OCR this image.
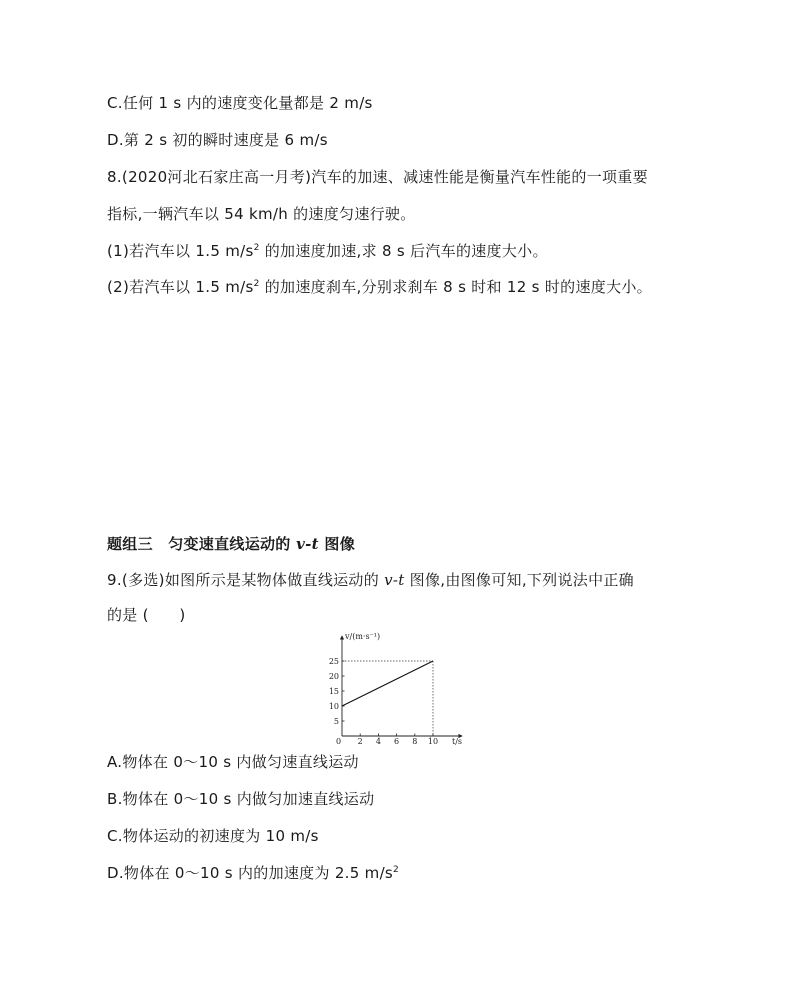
C.任何 1 s 内的速度变化量都是 2 m/s
D.第 2 s 初的瞬时速度是 6 m/s
8.(2020河北石家庄高一月考)汽车的加速、减速性能是衡量汽车性能的一项重要
指标,一辆汽车以 54 km/h 的速度匀速行驶。
(1)若汽车以 1.5 $m/s^2$ 的加速度加速,求 8 s 后汽车的速度大小。
(2)若汽车以 1.5 $m/s^2$ 的加速度刹车,分别求刹车 8 s 时和 12 s 时的速度大小。
题组三　匀变速直线运动的 v-t 图像
9.(多选)如图所示是某物体做直线运动的 v-t 图像,由图像可知,下列说法中正确
的是 (　　)
2 4 6 8 10
5
10
15
20
25
v/(m·s⁻¹)
t/s
0
A.物体在 0～10 s 内做匀速直线运动
B.物体在 0～10 s 内做匀加速直线运动
C.物体运动的初速度为 10 m/s
D.物体在 0～10 s 内的加速度为 2.5 $m/s^2$
